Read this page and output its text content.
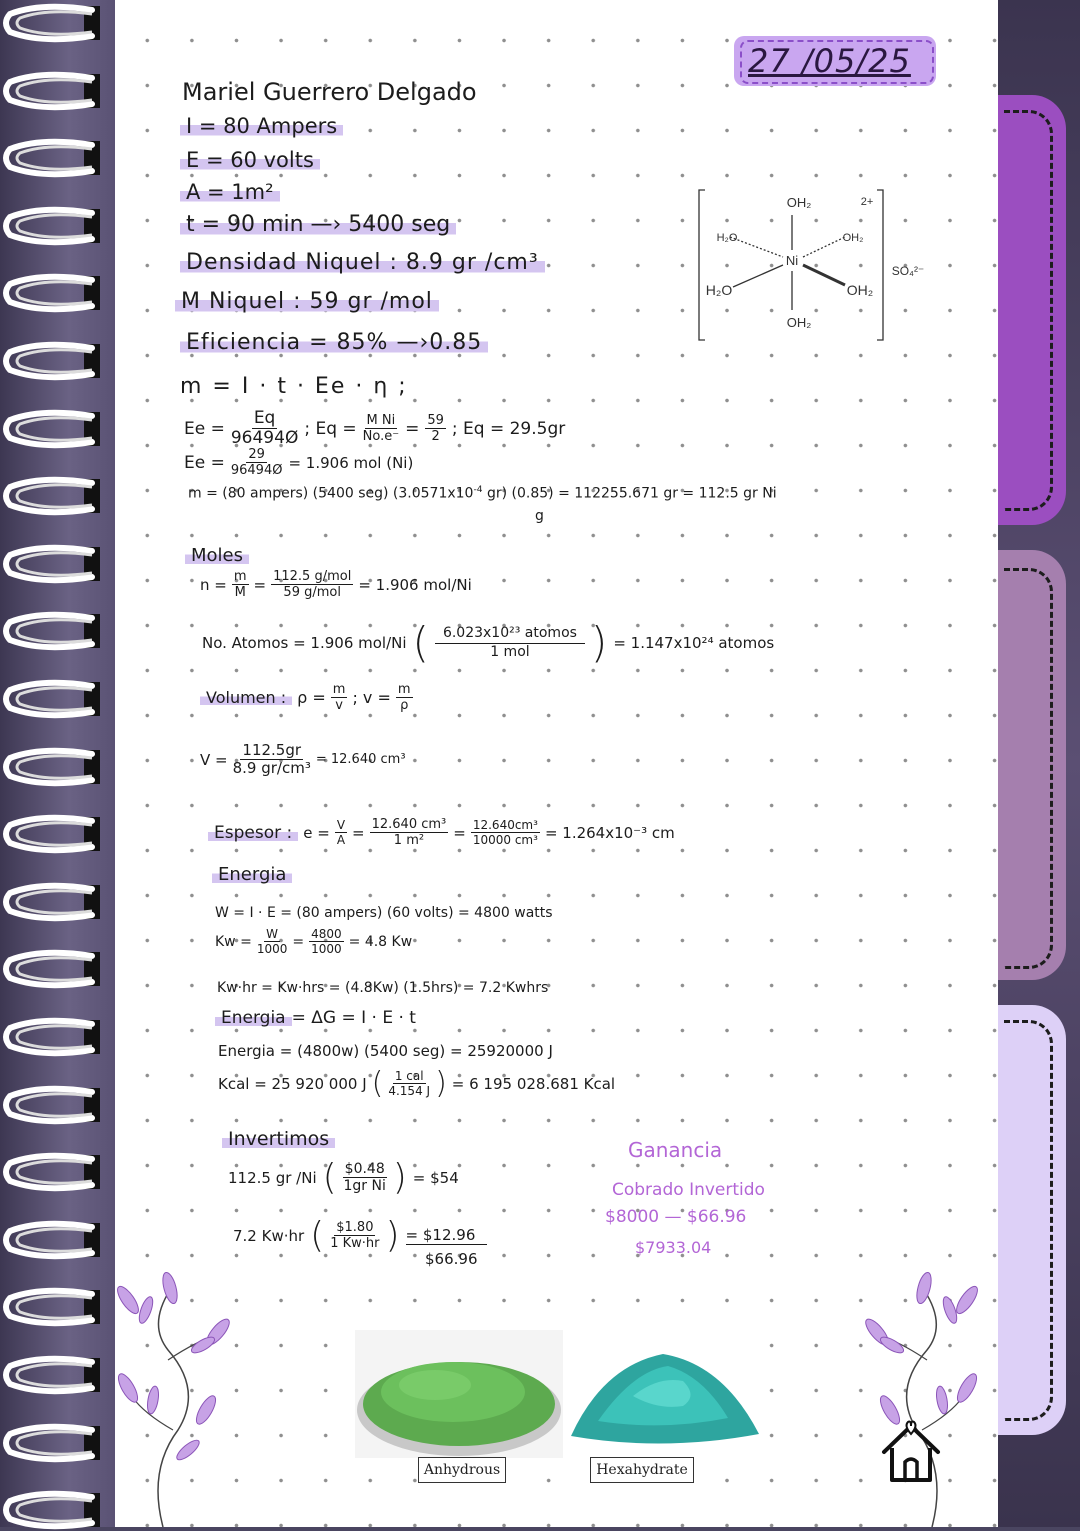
27 /05/25
Mariel Guerrero Delgado
I = 80 Ampers
E = 60 volts
A = 1m²
t = 90 min —› 5400 seg
Densidad Niquel : 8.9 gr /cm³
M Niquel : 59 gr /mol
Eficiencia = 85% —›0.85
Ni
OH₂
OH₂
H₂O	OH₂
H₂O	OH₂
2+
SO₄²⁻
m = I · t · Ee · η ;
$Ee = \frac{Eq}{96494Ø}$ ; $Eq = \frac{\text{M Ni}}{No.e^-} = \frac{59}{2}$ ; Eq = 29.5gr
$Ee = \frac{29}{96494Ø} = 1.906$ mol (Ni)
m = (80 ampers) (5400 seg) ($3.0571x10^{-4}$ gr) (0.85) = 112255.671 gr = 112.5 gr Ni
g
Moles
$n = \frac{m}{M} = \frac{\text{112.5 g/mol}}{\text{59 g/mol}} = 1.906$ mol/Ni
No. Atomos = 1.906 mol/Ni ( $\frac{\text{6.023x10²³ atomos}}{\text{1 mol}}$ ) = 1.147x10²⁴ atomos
Volumen : $\rho = \frac{m}{v}$ ; $v = \frac{m}{\rho}$
$V = \frac{112.5gr}{\text{8.9 gr/cm³}} = 12.640$ cm³
Espesor : $e = \frac{V}{A} = \frac{\text{12.640 cm³}}{\text{1 m²}} = \frac{\text{12.640cm³}}{\text{10000 cm³}} = 1.264x10^{-3}$ cm
Energia
W = I · E = (80 ampers) (60 volts) = 4800 watts
$Kw = \frac{W}{1000} = \frac{4800}{1000} = 4.8$ Kw
Kw·hr = Kw·hrs = (4.8Kw) (1.5hrs) = 7.2 Kwhrs
Energia = ΔG = I · E · t
Energia = (4800w) (5400 seg) = 25920000 J
Kcal = 25 920 000 J ( $\frac{\text{1 cal}}{4.154 J}$ ) = 6 195 028.681 Kcal
Invertimos
112.5 gr /Ni ( $\frac{\$0.48}{\text{1gr Ni}}$ ) = $54
7.2 Kw·hr ( $\frac{\$1.80}{1 Kw\cdot hr}$ ) = $12.96
$66.96
Ganancia
Cobrado Invertido
$8000 — $66.96
$7933.04
Anhydrous	Hexahydrate
